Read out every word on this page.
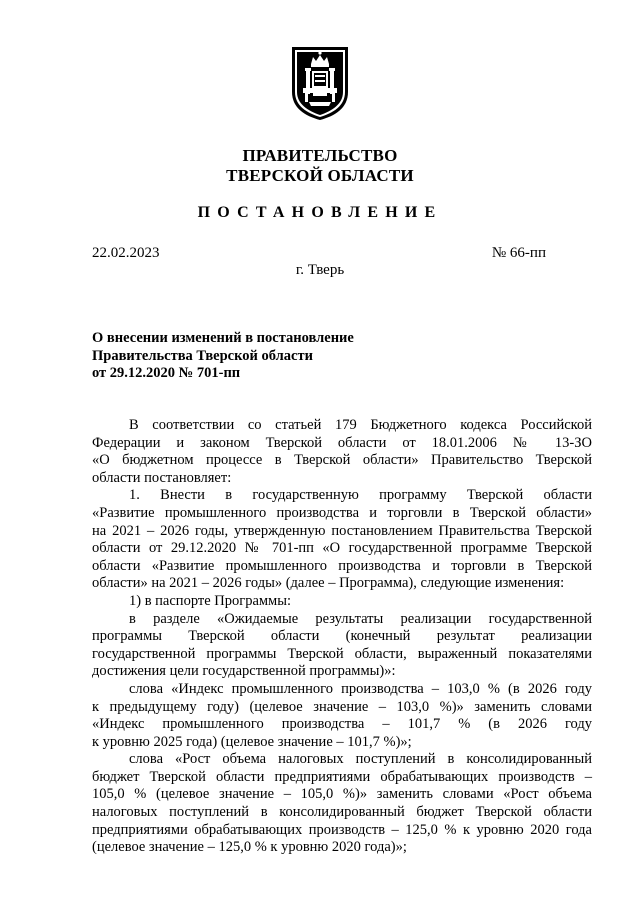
ПРАВИТЕЛЬСТВО
ТВЕРСКОЙ ОБЛАСТИ
ПОСТАНОВЛЕНИЕ
22.02.2023	№ 66-пп
г. Тверь
О внесении изменений в постановление
Правительства Тверской области
от 29.12.2020 № 701-пп

В соответствии со статьей 179 Бюджетного кодекса Российской

Федерации и законом Тверской области от 18.01.2006 № 13-ЗО

«О бюджетном процессе в Тверской области» Правительство Тверской

области постановляет:

1. Внести в государственную программу Тверской области

«Развитие промышленного производства и торговли в Тверской области»

на 2021 – 2026 годы, утвержденную постановлением Правительства Тверской

области от 29.12.2020 № 701-пп «О государственной программе Тверской

области «Развитие промышленного производства и торговли в Тверской

области» на 2021 – 2026 годы» (далее – Программа), следующие изменения:

1) в паспорте Программы:

в разделе «Ожидаемые результаты реализации государственной

программы Тверской области (конечный результат реализации

государственной программы Тверской области, выраженный показателями

достижения цели государственной программы)»:

слова «Индекс промышленного производства – 103,0 % (в 2026 году

к предыдущему году) (целевое значение – 103,0 %)» заменить словами

«Индекс промышленного производства – 101,7 % (в 2026 году

к уровню 2025 года) (целевое значение – 101,7 %)»;

слова «Рост объема налоговых поступлений в консолидированный

бюджет Тверской области предприятиями обрабатывающих производств –

105,0 % (целевое значение – 105,0 %)» заменить словами «Рост объема

налоговых поступлений в консолидированный бюджет Тверской области

предприятиями обрабатывающих производств – 125,0 % к уровню 2020 года

(целевое значение – 125,0 % к уровню 2020 года)»;
